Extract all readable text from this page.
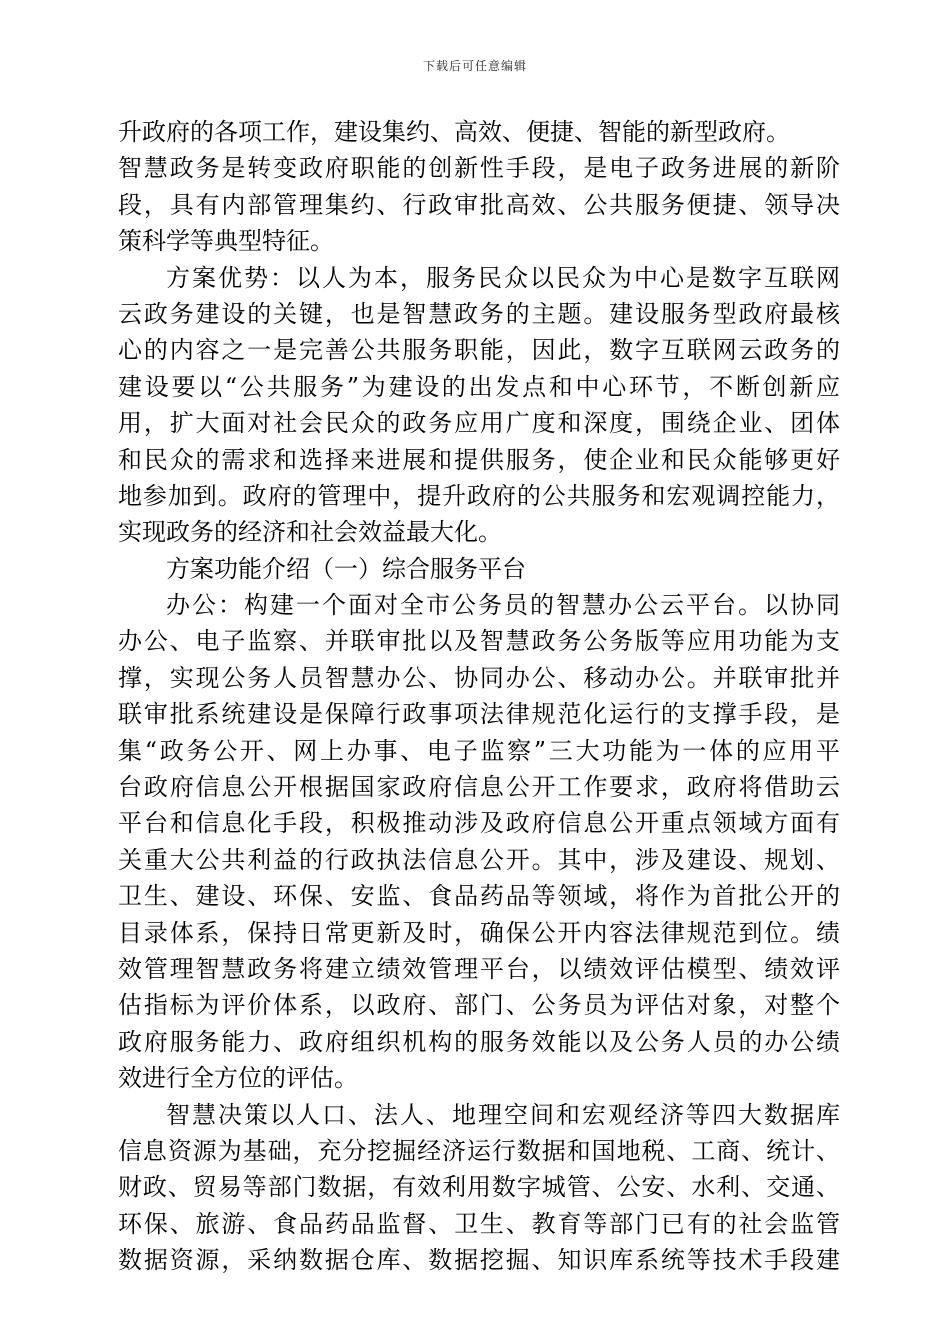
下载后可任意编辑
升政府的各项工作，建设集约、高效、便捷、智能的新型政府。
智慧政务是转变政府职能的创新性手段，是电子政务进展的新阶
段，具有内部管理集约、行政审批高效、公共服务便捷、领导决
策科学等典型特征。
方案优势：以人为本，服务民众以民众为中心是数字互联网
云政务建设的关键，也是智慧政务的主题。建设服务型政府最核
心的内容之一是完善公共服务职能，因此，数字互联网云政务的
建设要以“公共服务”为建设的出发点和中心环节，不断创新应
用，扩大面对社会民众的政务应用广度和深度，围绕企业、团体
和民众的需求和选择来进展和提供服务，使企业和民众能够更好
地参加到。政府的管理中，提升政府的公共服务和宏观调控能力，
实现政务的经济和社会效益最大化。
方案功能介绍（一）综合服务平台
办公：构建一个面对全市公务员的智慧办公云平台。以协同
办公、电子监察、并联审批以及智慧政务公务版等应用功能为支
撑，实现公务人员智慧办公、协同办公、移动办公。并联审批并
联审批系统建设是保障行政事项法律规范化运行的支撑手段，是
集“政务公开、网上办事、电子监察”三大功能为一体的应用平
台政府信息公开根据国家政府信息公开工作要求，政府将借助云
平台和信息化手段，积极推动涉及政府信息公开重点领域方面有
关重大公共利益的行政执法信息公开。其中，涉及建设、规划、
卫生、建设、环保、安监、食品药品等领域，将作为首批公开的
目录体系，保持日常更新及时，确保公开内容法律规范到位。绩
效管理智慧政务将建立绩效管理平台，以绩效评估模型、绩效评
估指标为评价体系，以政府、部门、公务员为评估对象，对整个
政府服务能力、政府组织机构的服务效能以及公务人员的办公绩
效进行全方位的评估。
智慧决策以人口、法人、地理空间和宏观经济等四大数据库
信息资源为基础，充分挖掘经济运行数据和国地税、工商、统计、
财政、贸易等部门数据，有效利用数字城管、公安、水利、交通、
环保、旅游、食品药品监督、卫生、教育等部门已有的社会监管
数据资源，采纳数据仓库、数据挖掘、知识库系统等技术手段建
